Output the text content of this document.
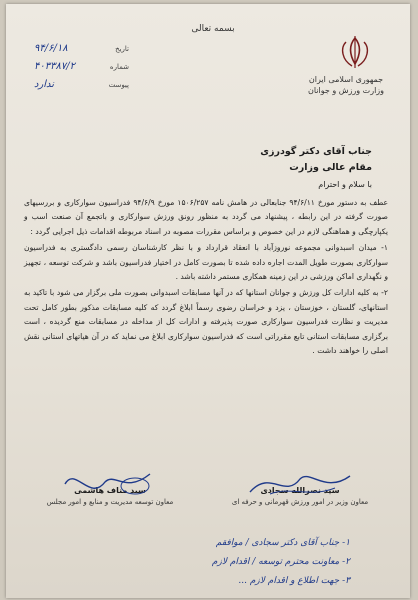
جمهوری اسلامی ایران
وزارت ورزش و جوانان
بسمه تعالی
تاریخ
۹۴/۶/۱۸
شماره
۴۰۳۳۸۷/۲
پیوست
ندارد
جناب آقای دکتر گودرزی
مقام عالی وزارت
با سلام و احترام

عطف به دستور مورخ ۹۴/۶/۱۱ جنابعالی در هامش نامه ۱۵۰۶/۲۵۷ مورخ ۹۴/۶/۹ فدراسیون سوارکاری و بررسیهای صورت گرفته در این رابطه ، پیشنهاد می گردد به منظور رونق ورزش سوارکاری و باتجمع آن صنعت اسب و یکپارچگی و هماهنگی لازم در این خصوص و براساس مقررات مصوبه در اسناد مربوطه اقدامات ذیل اجرایی گردد :

۱- میدان اسبدوانی مجموعه نوروزآباد با انعقاد قرارداد و با نظر کارشناسان رسمی دادگستری به فدراسیون سوارکاری بصورت طویل المدت اجاره داده شده تا بصورت کامل در اختیار فدراسیون باشد و شرکت توسعه ، تجهیز و نگهداری اماکن ورزشی در این زمینه همکاری مستمر داشته باشد .

۲- به کلیه ادارات کل ورزش و جوانان استانها که در آنها مسابقات اسبدوانی بصورت ملی برگزار می شود با تاکید به استانهای، گلستان ، خوزستان ، یزد و خراسان رضوی رسماً ابلاغ گردد که کلیه مسابقات مذکور بطور کامل تحت مدیریت و نظارت فدراسیون سوارکاری صورت پذیرفته و ادارات کل از مداخله در مسابقات منع گردیده ، است برگزاری مسابقات استانی تابع مقرراتی است که فدراسیون سوارکاری ابلاغ می نماید که در آن هیاتهای استانی نقش اصلی را خواهند داشت .

سید نصرالله سجادی
معاون وزیر در امور ورزش قهرمانی و حرفه ای
سید مناف هاشمی
معاون توسعه مدیریت و منابع و امور مجلس
۱- جناب آقای دکتر سجادی / موافقم
۲- معاونت محترم توسعه / اقدام لازم
۳- جهت اطلاع و اقدام لازم ...
